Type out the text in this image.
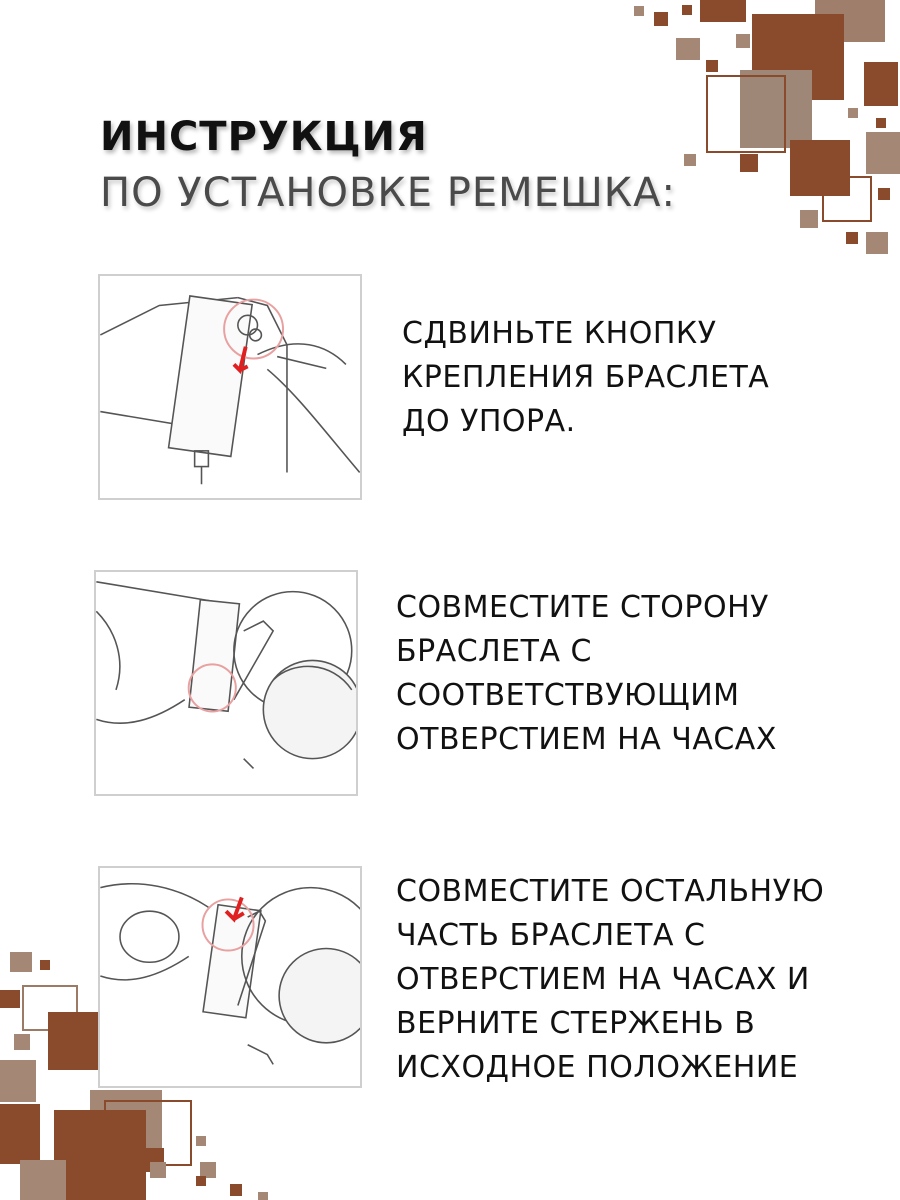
ИНСТРУКЦИЯ
ПО УСТАНОВКЕ РЕМЕШКА:

СДВИНЬТЕ КНОПКУ
КРЕПЛЕНИЯ БРАСЛЕТА
ДО УПОРА.

СОВМЕСТИТЕ СТОРОНУ
БРАСЛЕТА С
СООТВЕТСТВУЮЩИМ
ОТВЕРСТИЕМ НА ЧАСАХ

СОВМЕСТИТЕ ОСТАЛЬНУЮ
ЧАСТЬ БРАСЛЕТА С
ОТВЕРСТИЕМ НА ЧАСАХ И
ВЕРНИТЕ СТЕРЖЕНЬ В
ИСХОДНОЕ ПОЛОЖЕНИЕ
